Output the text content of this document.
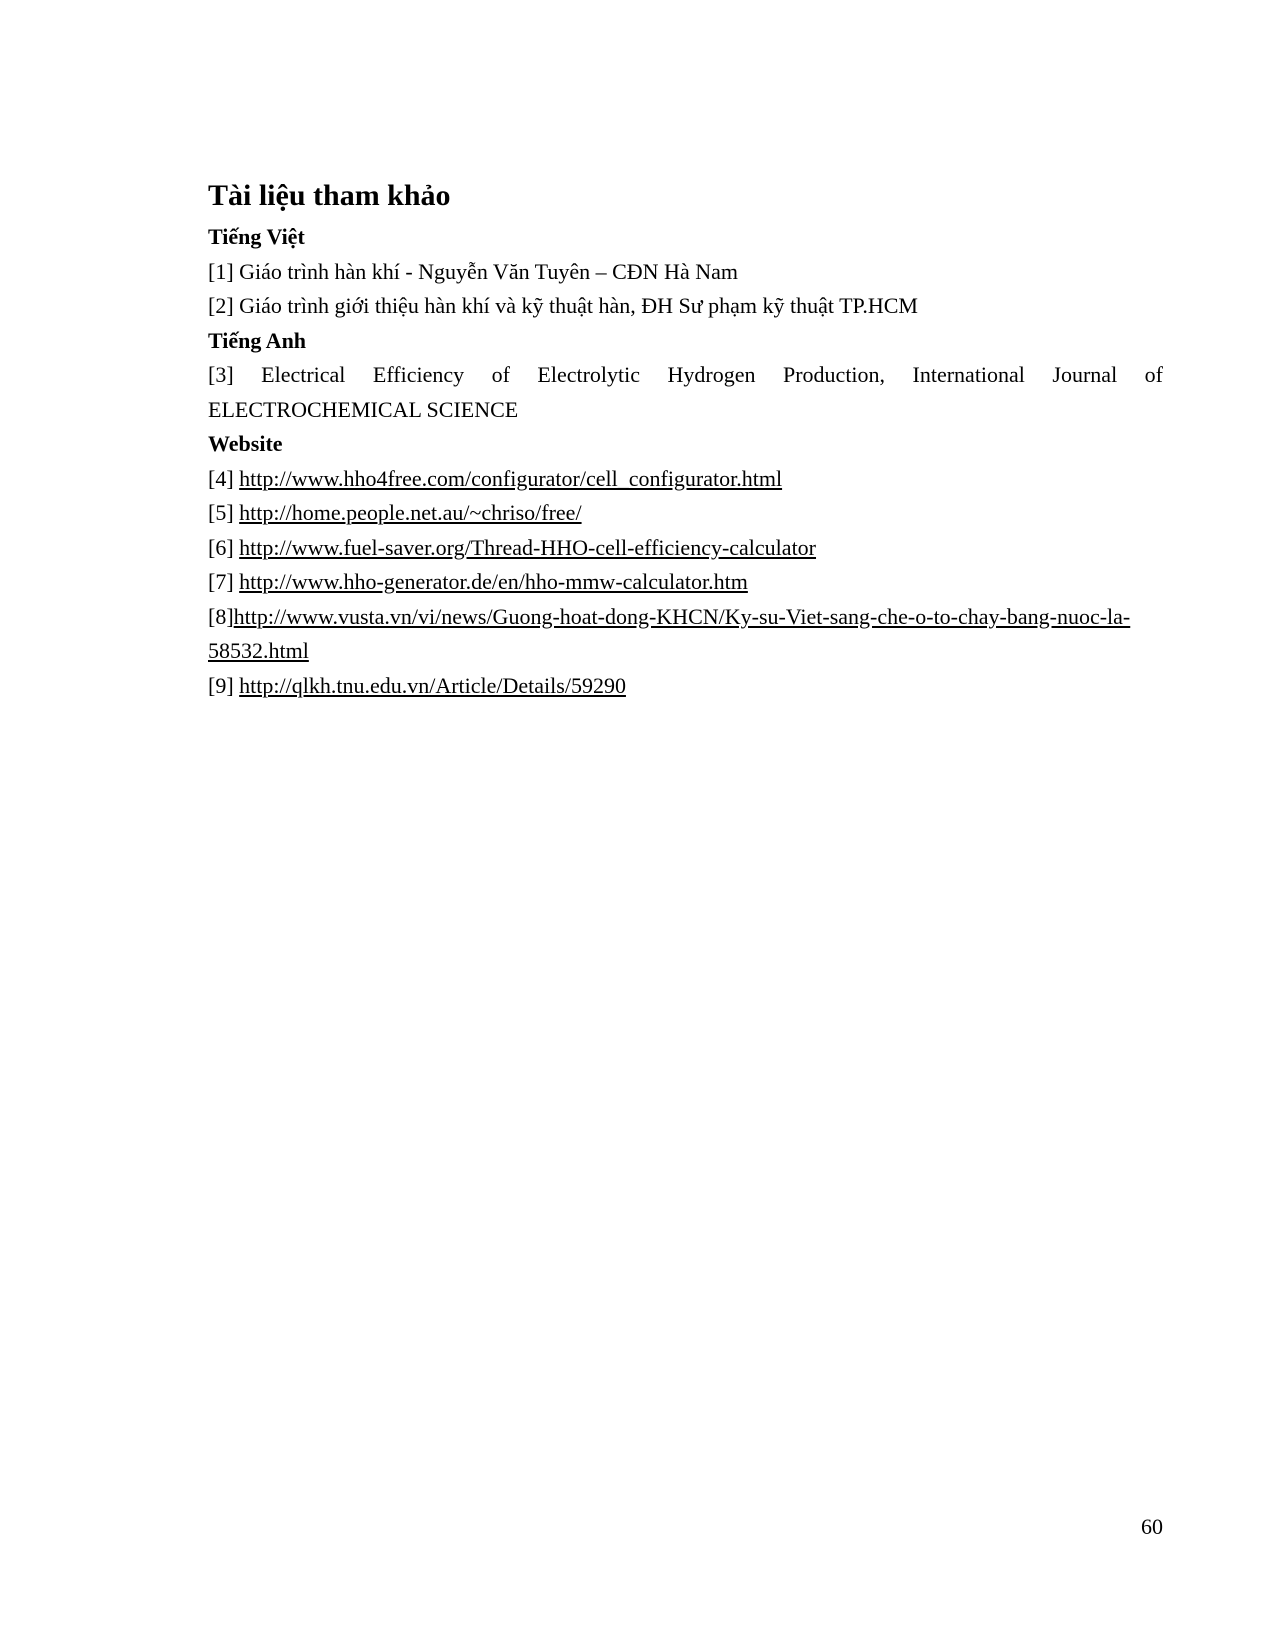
Tài liệu tham khảo

Tiếng Việt

[1] Giáo trình hàn khí - Nguyễn Văn Tuyên – CĐN Hà Nam

[2] Giáo trình giới thiệu hàn khí và kỹ thuật hàn, ĐH Sư phạm kỹ thuật TP.HCM

Tiếng Anh

[3] Electrical Efficiency of Electrolytic Hydrogen Production, International Journal of ELECTROCHEMICAL SCIENCE

Website

[4] http://www.hho4free.com/configurator/cell_configurator.html

[5] http://home.people.net.au/~chriso/free/

[6] http://www.fuel-saver.org/Thread-HHO-cell-efficiency-calculator

[7] http://www.hho-generator.de/en/hho-mmw-calculator.htm

[8]http://www.vusta.vn/vi/news/Guong-hoat-dong-KHCN/Ky-su-Viet-sang-che-o-to-chay-bang-nuoc-la-58532.html

[9] http://qlkh.tnu.edu.vn/Article/Details/59290

60
